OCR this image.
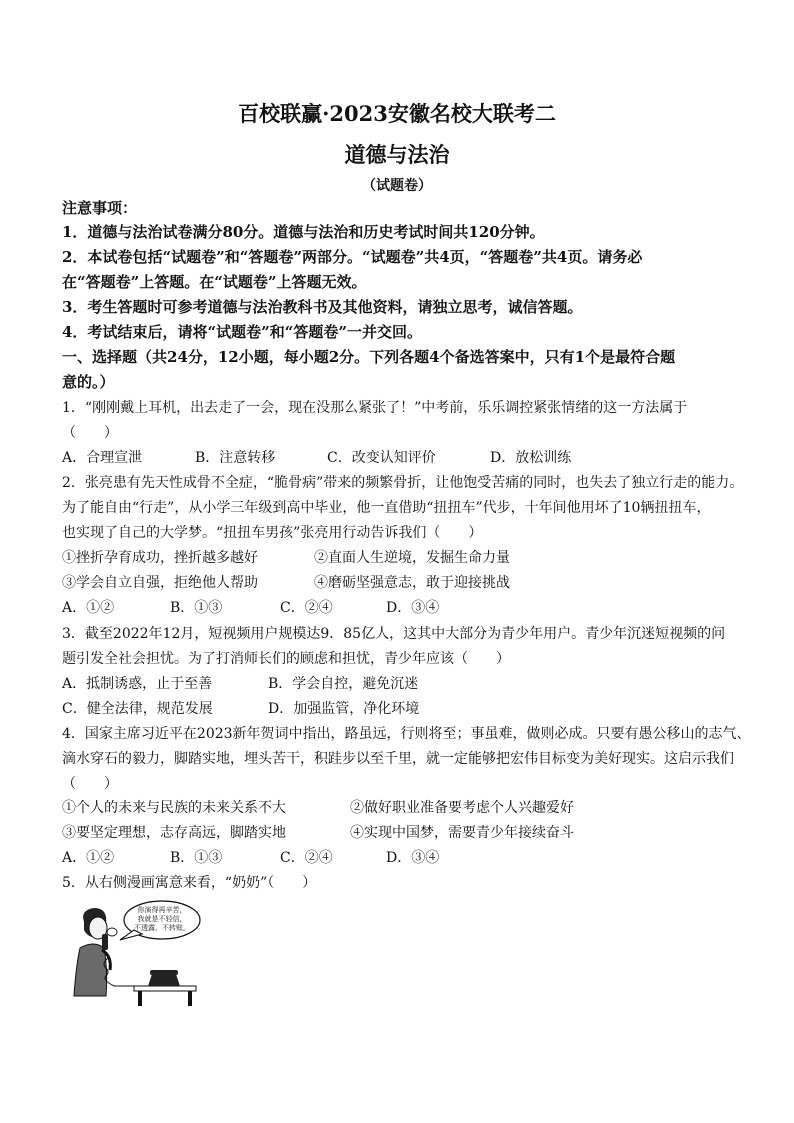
百校联赢·2023安徽名校大联考二
道德与法治
（试题卷）
注意事项：
1．道德与法治试卷满分80分。道德与法治和历史考试时间共120分钟。
2．本试卷包括“试题卷”和“答题卷”两部分。“试题卷”共4页，“答题卷”共4页。请务必
在“答题卷”上答题。在“试题卷”上答题无效。
3．考生答题时可参考道德与法治教科书及其他资料，请独立思考，诚信答题。
4．考试结束后，请将“试题卷”和“答题卷”一并交回。
一、选择题（共24分，12小题，每小题2分。下列各题4个备选答案中，只有1个是最符合题
意的。）
1．“刚刚戴上耳机，出去走了一会，现在没那么紧张了！”中考前，乐乐调控紧张情绪的这一方法属于
（　　）
A．合理宣泄	B．注意转移	C．改变认知评价	D．放松训练
2．张亮患有先天性成骨不全症，“脆骨病”带来的频繁骨折，让他饱受苦痛的同时，也失去了独立行走的能力。
为了能自由“行走”，从小学三年级到高中毕业，他一直借助“扭扭车”代步，十年间他用坏了10辆扭扭车，
也实现了自己的大学梦。“扭扭车男孩”张亮用行动告诉我们（　　）
①挫折孕育成功，挫折越多越好	②直面人生逆境，发掘生命力量
③学会自立自强，拒绝他人帮助	④磨砺坚强意志，敢于迎接挑战
A．①②	B．①③	C．②④	D．③④
3．截至2022年12月，短视频用户规模达9．85亿人，这其中大部分为青少年用户。青少年沉迷短视频的问
题引发全社会担忧。为了打消师长们的顾虑和担忧，青少年应该（　　）
A．抵制诱惑，止于至善	B．学会自控，避免沉迷
C．健全法律，规范发展	D．加强监管，净化环境
4．国家主席习近平在2023新年贺词中指出，路虽远，行则将至；事虽难，做则必成。只要有愚公移山的志气、
滴水穿石的毅力，脚踏实地，埋头苦干，积跬步以至千里，就一定能够把宏伟目标变为美好现实。这启示我们
（　　）
①个人的未来与民族的未来关系不大	②做好职业准备要考虑个人兴趣爱好
③要坚定理想，志存高远，脚踏实地	④实现中国梦，需要青少年接续奋斗
A．①②	B．①③	C．②④	D．③④
5．从右侧漫画寓意来看，“奶奶”（　　）
你演得再辛苦，
我就是不轻信，
不透露、不转账。
